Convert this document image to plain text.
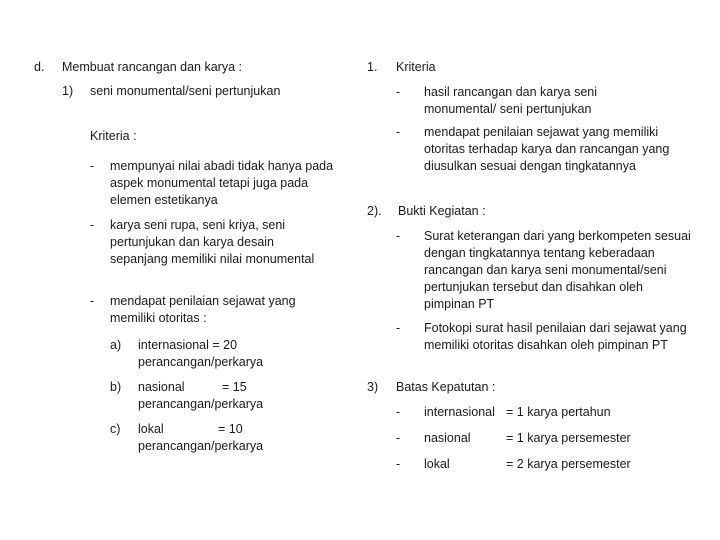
d. Membuat rancangan dan karya :
1) seni monumental/seni pertunjukan
Kriteria :
- mempunyai nilai abadi tidak hanya pada aspek monumental tetapi juga pada elemen estetikanya
- karya seni rupa, seni kriya, seni pertunjukan dan karya desain sepanjang memiliki nilai monumental
- mendapat penilaian sejawat yang memiliki otoritas :
a) internasional = 20
perancangan/perkarya
b) nasional	= 15
perancangan/perkarya
c) lokal	= 10
perancangan/perkarya
1. Kriteria
- hasil rancangan dan karya seni monumental/ seni pertunjukan
- mendapat penilaian sejawat yang memiliki otoritas terhadap karya dan rancangan yang diusulkan sesuai dengan tingkatannya
2). Bukti Kegiatan :
- Surat keterangan dari yang berkompeten sesuai dengan tingkatannya tentang keberadaan rancangan dan karya seni monumental/seni pertunjukan tersebut dan disahkan oleh pimpinan PT
- Fotokopi surat hasil penilaian dari sejawat yang memiliki otoritas disahkan oleh pimpinan PT
3) Batas Kepatutan :
- internasional = 1 karya pertahun
- nasional	= 1 karya persemester
- lokal	= 2 karya persemester
